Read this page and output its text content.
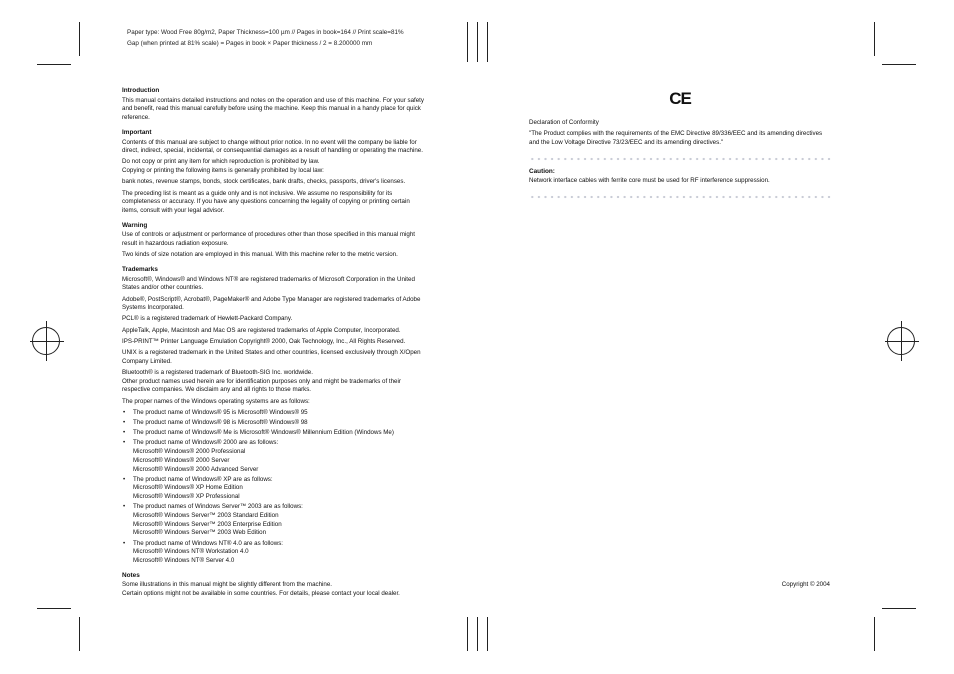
Paper type: Wood Free 80g/m2, Paper Thickness=100 µm // Pages in book=164 // Print scale=81%
Gap (when printed at 81% scale) = Pages in book × Paper thickness / 2 = 8.200000 mm
Introduction

This manual contains detailed instructions and notes on the operation and use of this machine. For your safety and benefit, read this manual carefully before using the machine. Keep this manual in a handy place for quick reference.

Important

Contents of this manual are subject to change without prior notice. In no event will the company be liable for direct, indirect, special, incidental, or consequential damages as a result of handling or operating the machine.

Do not copy or print any item for which reproduction is prohibited by law.

Copying or printing the following items is generally prohibited by local law:

bank notes, revenue stamps, bonds, stock certificates, bank drafts, checks, passports, driver's licenses.

The preceding list is meant as a guide only and is not inclusive. We assume no responsibility for its completeness or accuracy. If you have any questions concerning the legality of copying or printing certain items, consult with your legal advisor.

Warning

Use of controls or adjustment or performance of procedures other than those specified in this manual might result in hazardous radiation exposure.

Two kinds of size notation are employed in this manual. With this machine refer to the metric version.

Trademarks

Microsoft®, Windows® and Windows NT® are registered trademarks of Microsoft Corporation in the United States and/or other countries.

Adobe®, PostScript®, Acrobat®, PageMaker® and Adobe Type Manager are registered trademarks of Adobe Systems Incorporated.

PCL® is a registered trademark of Hewlett-Packard Company.

AppleTalk, Apple, Macintosh and Mac OS are registered trademarks of Apple Computer, Incorporated.

IPS-PRINT™ Printer Language Emulation Copyright® 2000, Oak Technology, Inc., All Rights Reserved.

UNIX is a registered trademark in the United States and other countries, licensed exclusively through X/Open Company Limited.

Bluetooth® is a registered trademark of Bluetooth-SIG Inc. worldwide.

Other product names used herein are for identification purposes only and might be trademarks of their respective companies. We disclaim any and all rights to those marks.

The proper names of the Windows operating systems are as follows:

• The product name of Windows® 95 is Microsoft® Windows® 95
• The product name of Windows® 98 is Microsoft® Windows® 98
• The product name of Windows® Me is Microsoft® Windows® Millennium Edition (Windows Me)
• The product name of Windows® 2000 are as follows:
Microsoft® Windows® 2000 Professional
Microsoft® Windows® 2000 Server
Microsoft® Windows® 2000 Advanced Server
• The product name of Windows® XP are as follows:
Microsoft® Windows® XP Home Edition
Microsoft® Windows® XP Professional
• The product names of Windows Server™ 2003 are as follows:
Microsoft® Windows Server™ 2003 Standard Edition
Microsoft® Windows Server™ 2003 Enterprise Edition
Microsoft® Windows Server™ 2003 Web Edition
• The product name of Windows NT® 4.0 are as follows:
Microsoft® Windows NT® Workstation 4.0
Microsoft® Windows NT® Server 4.0
Notes

Some illustrations in this manual might be slightly different from the machine.

Certain options might not be available in some countries. For details, please contact your local dealer.

CE

Declaration of Conformity

"The Product complies with the requirements of the EMC Directive 89/336/EEC and its amending directives and the Low Voltage Directive 73/23/EEC and its amending directives."

Caution:

Network interface cables with ferrite core must be used for RF interference suppression.

Copyright © 2004
